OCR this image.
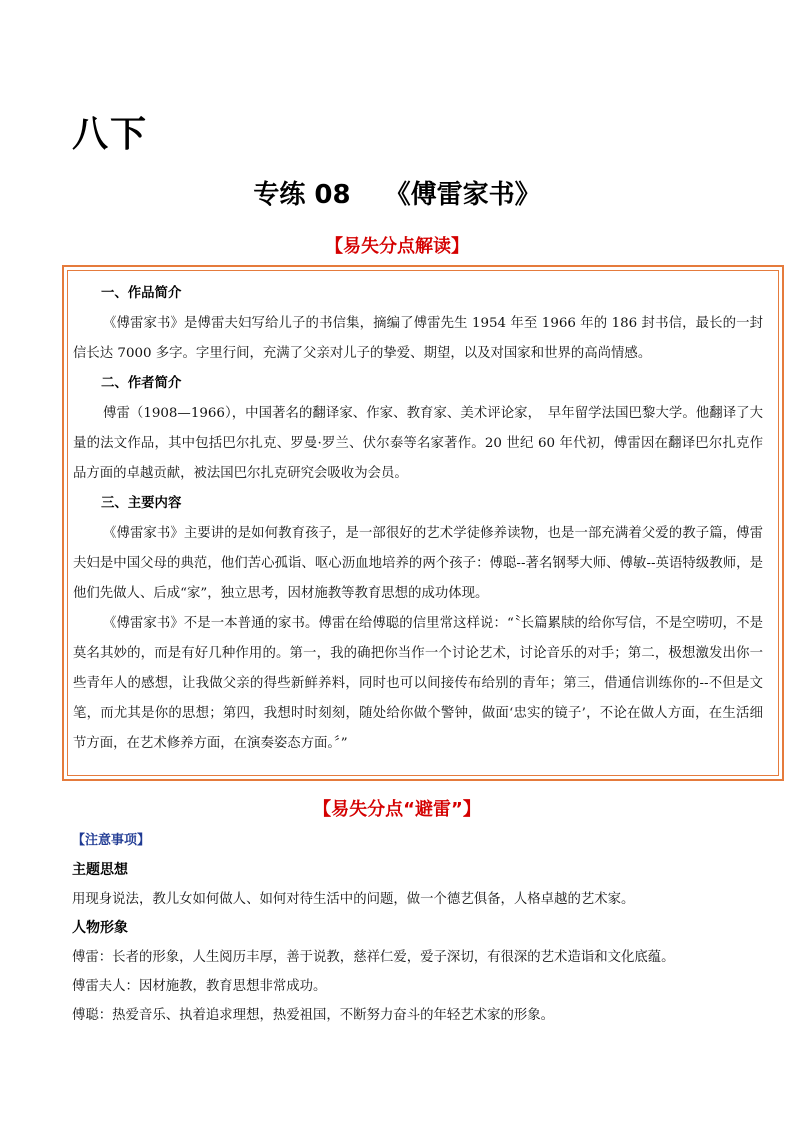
八下
专练 08 《傅雷家书》
【易失分点解读】
一、作品简介
《傅雷家书》是傅雷夫妇写给儿子的书信集，摘编了傅雷先生 1954 年至 1966 年的 186 封书信，最长的一封信长达 7000 多字。字里行间，充满了父亲对儿子的挚爱、期望，以及对国家和世界的高尚情感。
二、作者简介
傅雷（1908—1966），中国著名的翻译家、作家、教育家、美术评论家，　早年留学法国巴黎大学。他翻译了大量的法文作品，其中包括巴尔扎克、罗曼·罗兰、伏尔泰等名家著作。20 世纪 60 年代初，傅雷因在翻译巴尔扎克作品方面的卓越贡献，被法国巴尔扎克研究会吸收为会员。
三、主要内容
《傅雷家书》主要讲的是如何教育孩子，是一部很好的艺术学徒修养读物，也是一部充满着父爱的教子篇，傅雷夫妇是中国父母的典范，他们苦心孤诣、呕心沥血地培养的两个孩子：傅聪--著名钢琴大师、傅敏--英语特级教师，是他们先做人、后成“家”，独立思考，因材施教等教育思想的成功体现。
《傅雷家书》不是一本普通的家书。傅雷在给傅聪的信里常这样说：“〝长篇累牍的给你写信，不是空唠叨，不是莫名其妙的，而是有好几种作用的。第一，我的确把你当作一个讨论艺术，讨论音乐的对手；第二，极想激发出你一些青年人的感想，让我做父亲的得些新鲜养料，同时也可以间接传布给别的青年；第三，借通信训练你的--不但是文笔，而尤其是你的思想；第四，我想时时刻刻，随处给你做个警钟，做面‘忠实的镜子’，不论在做人方面，在生活细节方面，在艺术修养方面，在演奏姿态方面。〞”
【易失分点“避雷”】
【注意事项】
主题思想
用现身说法，教儿女如何做人、如何对待生活中的问题，做一个德艺俱备，人格卓越的艺术家。
人物形象
傅雷：长者的形象，人生阅历丰厚，善于说教，慈祥仁爱，爱子深切，有很深的艺术造诣和文化底蕴。
傅雷夫人：因材施教，教育思想非常成功。
傅聪：热爱音乐、执着追求理想，热爱祖国，不断努力奋斗的年轻艺术家的形象。
